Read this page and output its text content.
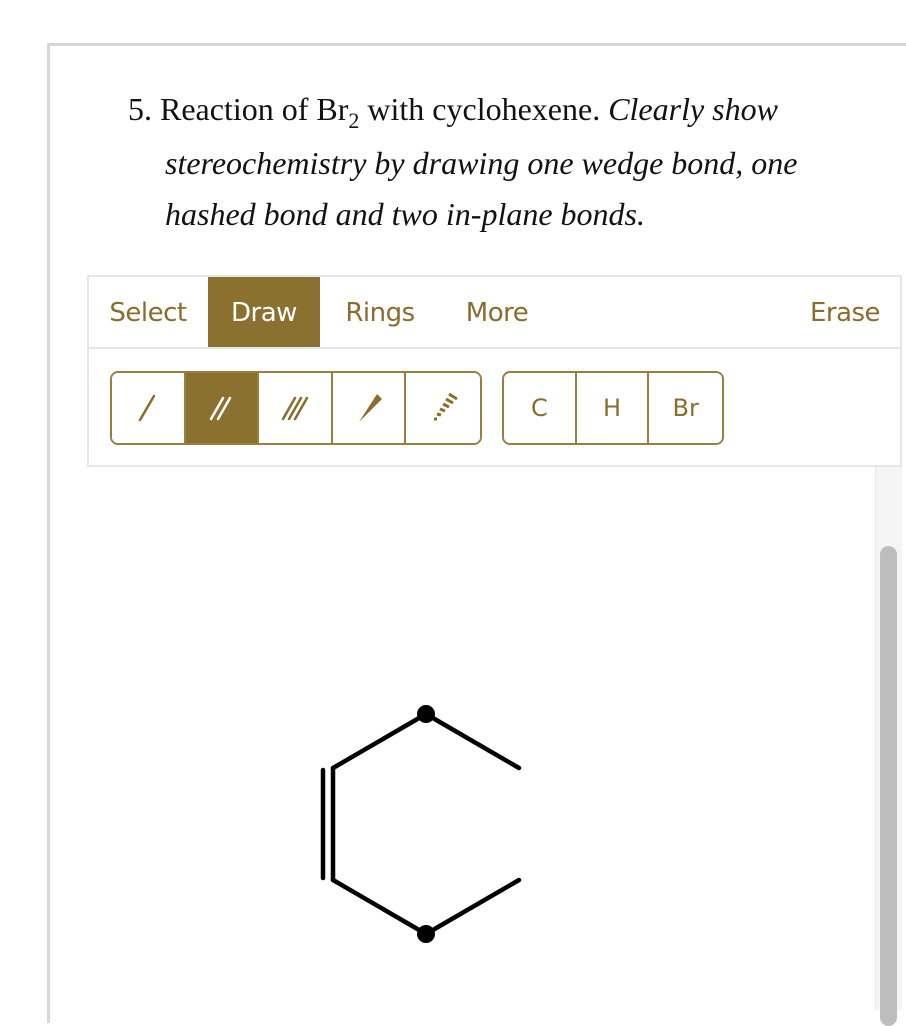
5. Reaction of $Br_2$ with cyclohexene. Clearly show
stereochemistry by drawing one wedge bond, one
hashed bond and two in-plane bonds.
Select	Draw	Rings	More	Erase
C	H	Br
